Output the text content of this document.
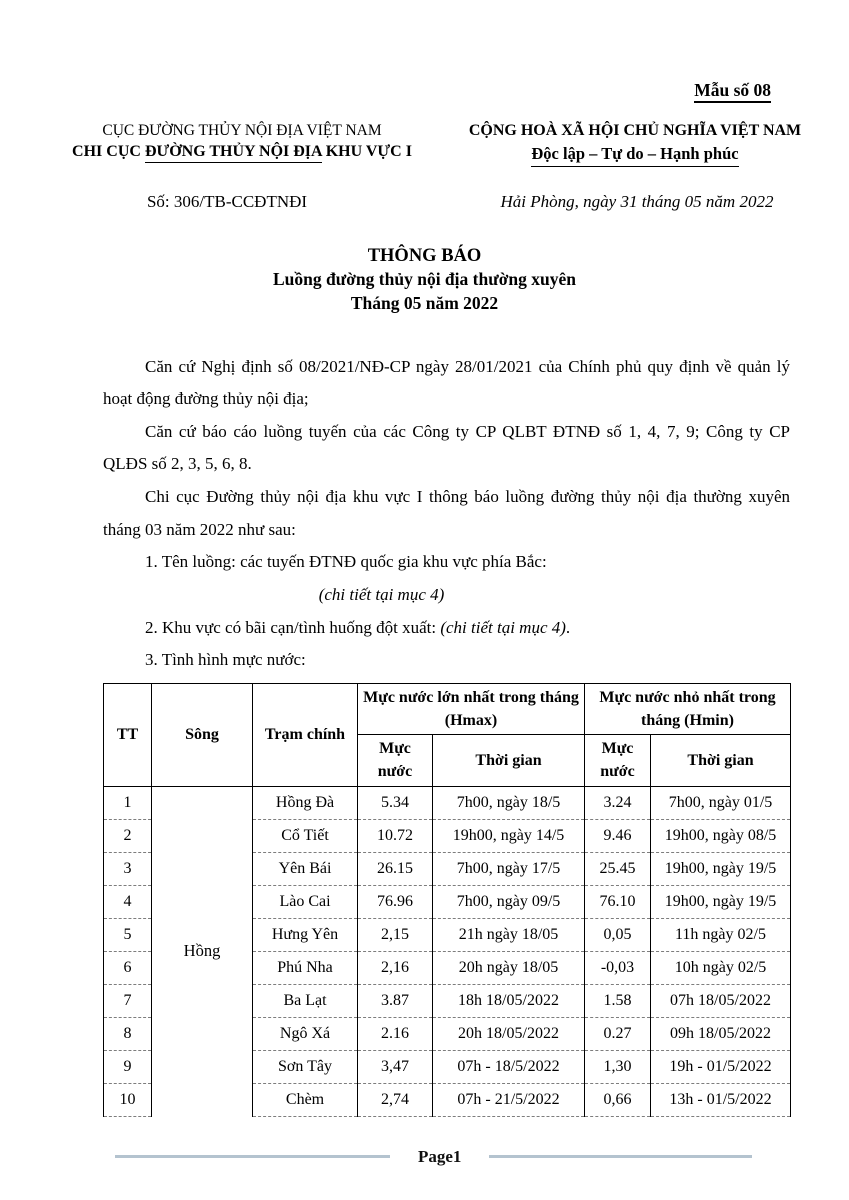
Mẫu số 08
CỤC ĐƯỜNG THỦY NỘI ĐỊA VIỆT NAM
CHI CỤC ĐƯỜNG THỦY NỘI ĐỊA KHU VỰC I
CỘNG HOÀ XÃ HỘI CHỦ NGHĨA VIỆT NAM
Độc lập – Tự do – Hạnh phúc
Số: 306/TB-CCĐTNĐI	Hải Phòng, ngày 31 tháng 05 năm 2022
THÔNG BÁO
Luồng đường thủy nội địa thường xuyên
Tháng 05 năm 2022

Căn cứ Nghị định số 08/2021/NĐ-CP ngày 28/01/2021 của Chính phủ quy định về quản lý hoạt động đường thủy nội địa;

Căn cứ báo cáo luồng tuyến của các Công ty CP QLBT ĐTNĐ số 1, 4, 7, 9; Công ty CP QLĐS số 2, 3, 5, 6, 8.

Chi cục Đường thủy nội địa khu vực I thông báo luồng đường thủy nội địa thường xuyên tháng 03 năm 2022 như sau:

1. Tên luồng: các tuyến ĐTNĐ quốc gia khu vực phía Bắc:

(chi tiết tại mục 4)

2. Khu vực có bãi cạn/tình huống đột xuất: (chi tiết tại mục 4).

3. Tình hình mực nước:

TT	Sông	Trạm chính	Mực nước lớn nhất trong tháng (Hmax)		Mực nước nhỏ nhất trong tháng (Hmin)	
			Mực nước	Thời gian	Mực nước	Thời gian
1	Hồng	Hồng Đà	5.34	7h00, ngày 18/5	3.24	7h00, ngày 01/5
2		Cổ Tiết	10.72	19h00, ngày 14/5	9.46	19h00, ngày 08/5
3		Yên Bái	26.15	7h00, ngày 17/5	25.45	19h00, ngày 19/5
4		Lào Cai	76.96	7h00, ngày 09/5	76.10	19h00, ngày 19/5
5		Hưng Yên	2,15	21h ngày 18/05	0,05	11h ngày 02/5
6		Phú Nha	2,16	20h ngày 18/05	-0,03	10h ngày 02/5
7		Ba Lạt	3.87	18h 18/05/2022	1.58	07h 18/05/2022
8		Ngô Xá	2.16	20h 18/05/2022	0.27	09h 18/05/2022
9		Sơn Tây	3,47	07h - 18/5/2022	1,30	19h - 01/5/2022
10		Chèm	2,74	07h - 21/5/2022	0,66	13h - 01/5/2022
Page1
